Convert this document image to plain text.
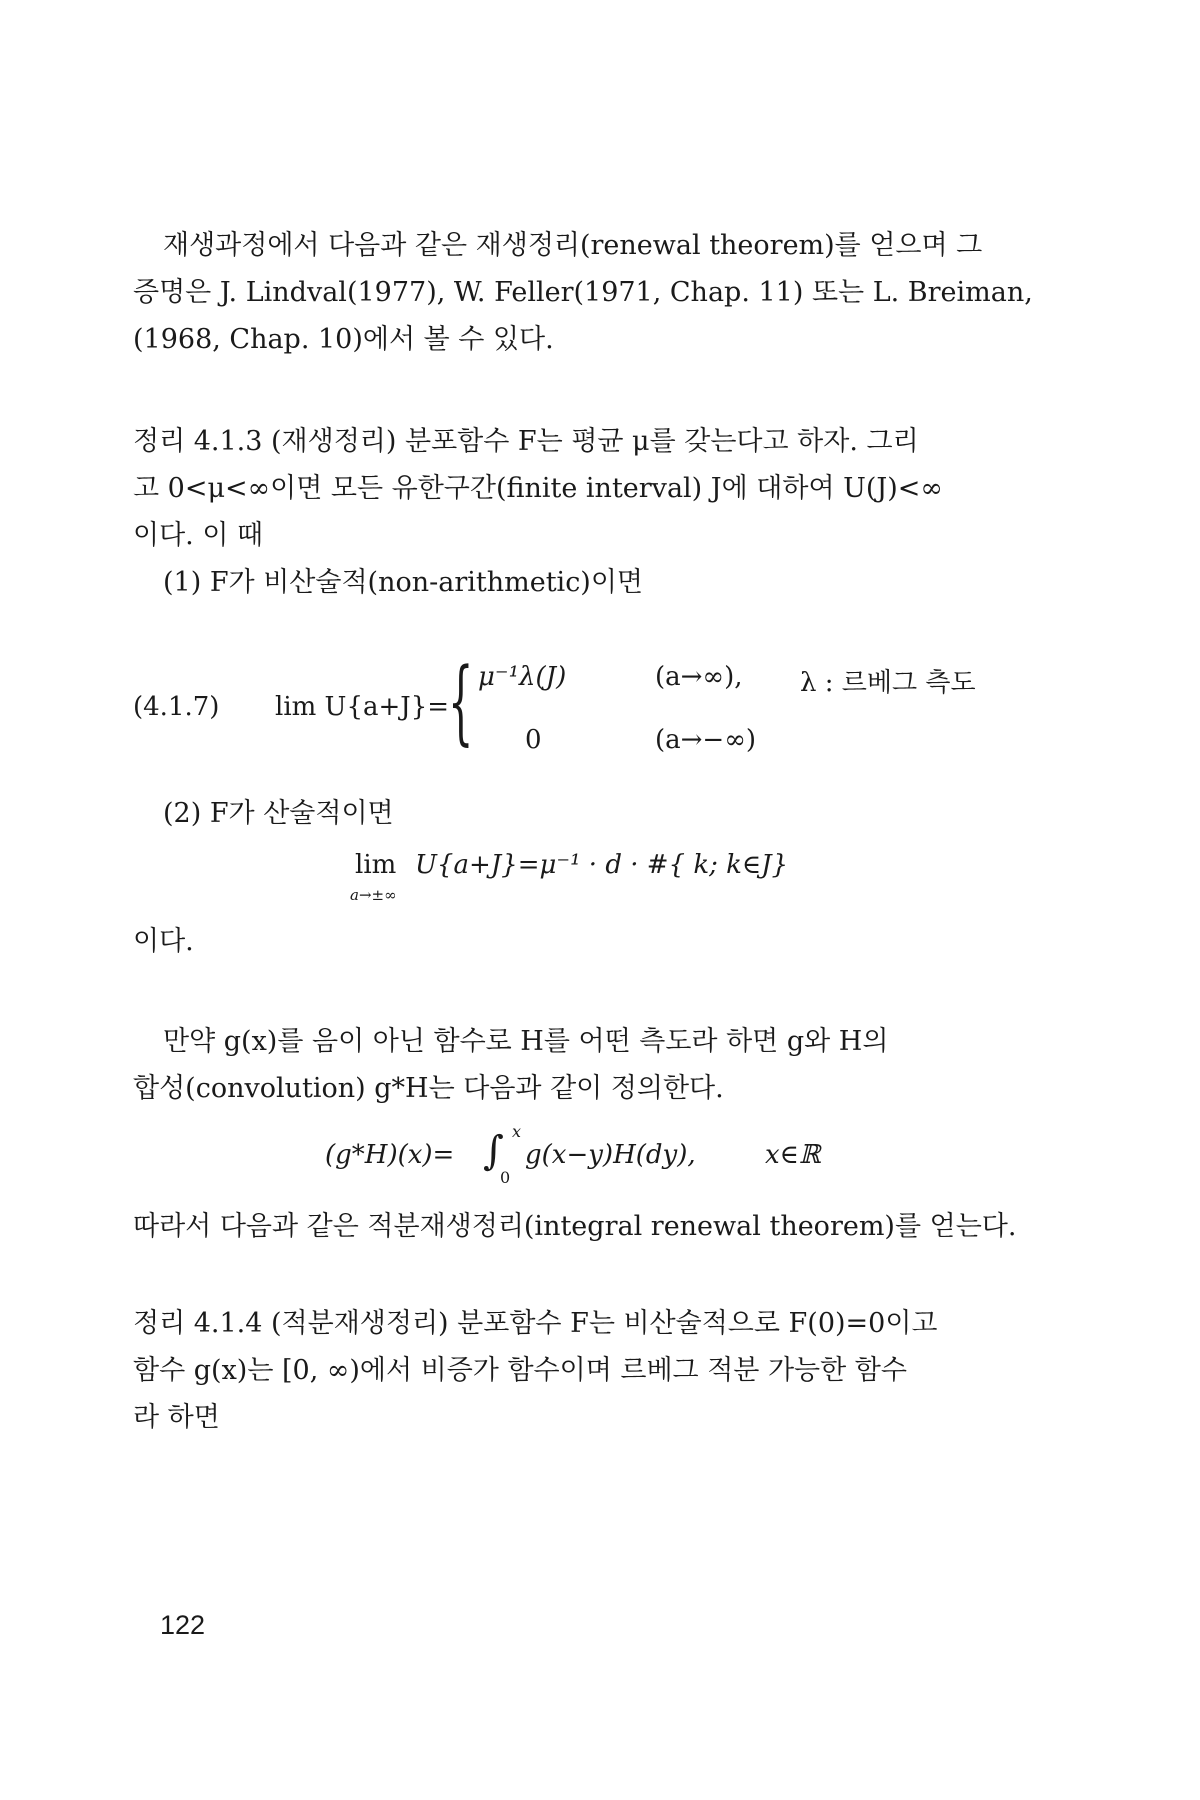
재생과정에서 다음과 같은 재생정리(renewal theorem)를 얻으며 그
증명은 J. Lindval(1977), W. Feller(1971, Chap. 11) 또는 L. Breiman,
(1968, Chap. 10)에서 볼 수 있다.

정리 4.1.3 (재생정리) 분포함수 F는 평균 μ를 갖는다고 하자. 그리
고 0<μ<∞이면 모든 유한구간(finite interval) J에 대하여 U(J)<∞
이다. 이 때
(1) F가 비산술적(non-arithmetic)이면

(4.1.7) lim U{a+J}=
{ μ⁻¹λ(J)	(a→∞), λ : 르베그 측도
0	(a→−∞)

(2) F가 산술적이면

lim
a→±∞
U{a+J}=μ⁻¹ · d · #{ k; k∈J}

이다.

만약 g(x)를 음이 아닌 함수로 H를 어떤 측도라 하면 g와 H의
합성(convolution) g*H는 다음과 같이 정의한다.

(g*H)(x)= ∫ x
0
g(x−y)H(dy),	x∈ℝ

따라서 다음과 같은 적분재생정리(integral renewal theorem)를 얻는다.

정리 4.1.4 (적분재생정리) 분포함수 F는 비산술적으로 F(0)=0이고
함수 g(x)는 [0, ∞)에서 비증가 함수이며 르베그 적분 가능한 함수
라 하면

122
